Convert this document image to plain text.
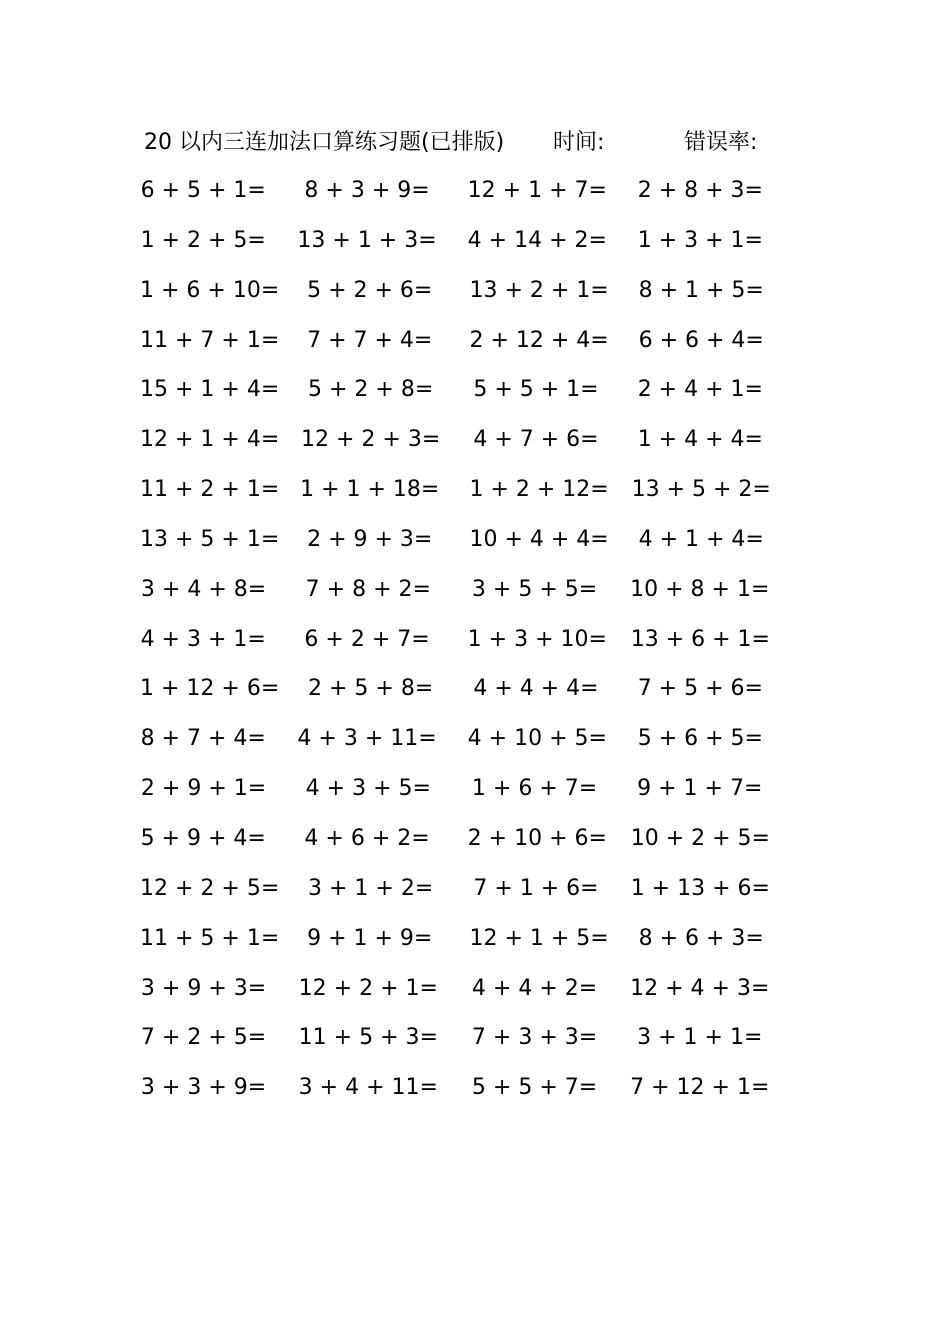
20 以内三连加法口算练习题(已排版) 时间:	错误率:
6 + 5 + 1=	8 + 3 + 9=	12 + 1 + 7=	2 + 8 + 3=
1 + 2 + 5=	13 + 1 + 3=	4 + 14 + 2=	1 + 3 + 1=
1 + 6 + 10=	5 + 2 + 6=	13 + 2 + 1=	8 + 1 + 5=
11 + 7 + 1=	7 + 7 + 4=	2 + 12 + 4=	6 + 6 + 4=
15 + 1 + 4=	5 + 2 + 8=	5 + 5 + 1=	2 + 4 + 1=
12 + 1 + 4= 12 + 2 + 3=	4 + 7 + 6=	1 + 4 + 4=
11 + 2 + 1= 1 + 1 + 18=	1 + 2 + 12=	13 + 5 + 2=
13 + 5 + 1=	2 + 9 + 3=	10 + 4 + 4=	4 + 1 + 4=
3 + 4 + 8=	7 + 8 + 2=	3 + 5 + 5=	10 + 8 + 1=
4 + 3 + 1=	6 + 2 + 7=	1 + 3 + 10=	13 + 6 + 1=
1 + 12 + 6=	2 + 5 + 8=	4 + 4 + 4=	7 + 5 + 6=
8 + 7 + 4=	4 + 3 + 11=	4 + 10 + 5=	5 + 6 + 5=
2 + 9 + 1=	4 + 3 + 5=	1 + 6 + 7=	9 + 1 + 7=
5 + 9 + 4=	4 + 6 + 2=	2 + 10 + 6=	10 + 2 + 5=
12 + 2 + 5=	3 + 1 + 2=	7 + 1 + 6=	1 + 13 + 6=
11 + 5 + 1=	9 + 1 + 9=	12 + 1 + 5=	8 + 6 + 3=
3 + 9 + 3=	12 + 2 + 1=	4 + 4 + 2=	12 + 4 + 3=
7 + 2 + 5=	11 + 5 + 3=	7 + 3 + 3=	3 + 1 + 1=
3 + 3 + 9=	3 + 4 + 11=	5 + 5 + 7=	7 + 12 + 1=
